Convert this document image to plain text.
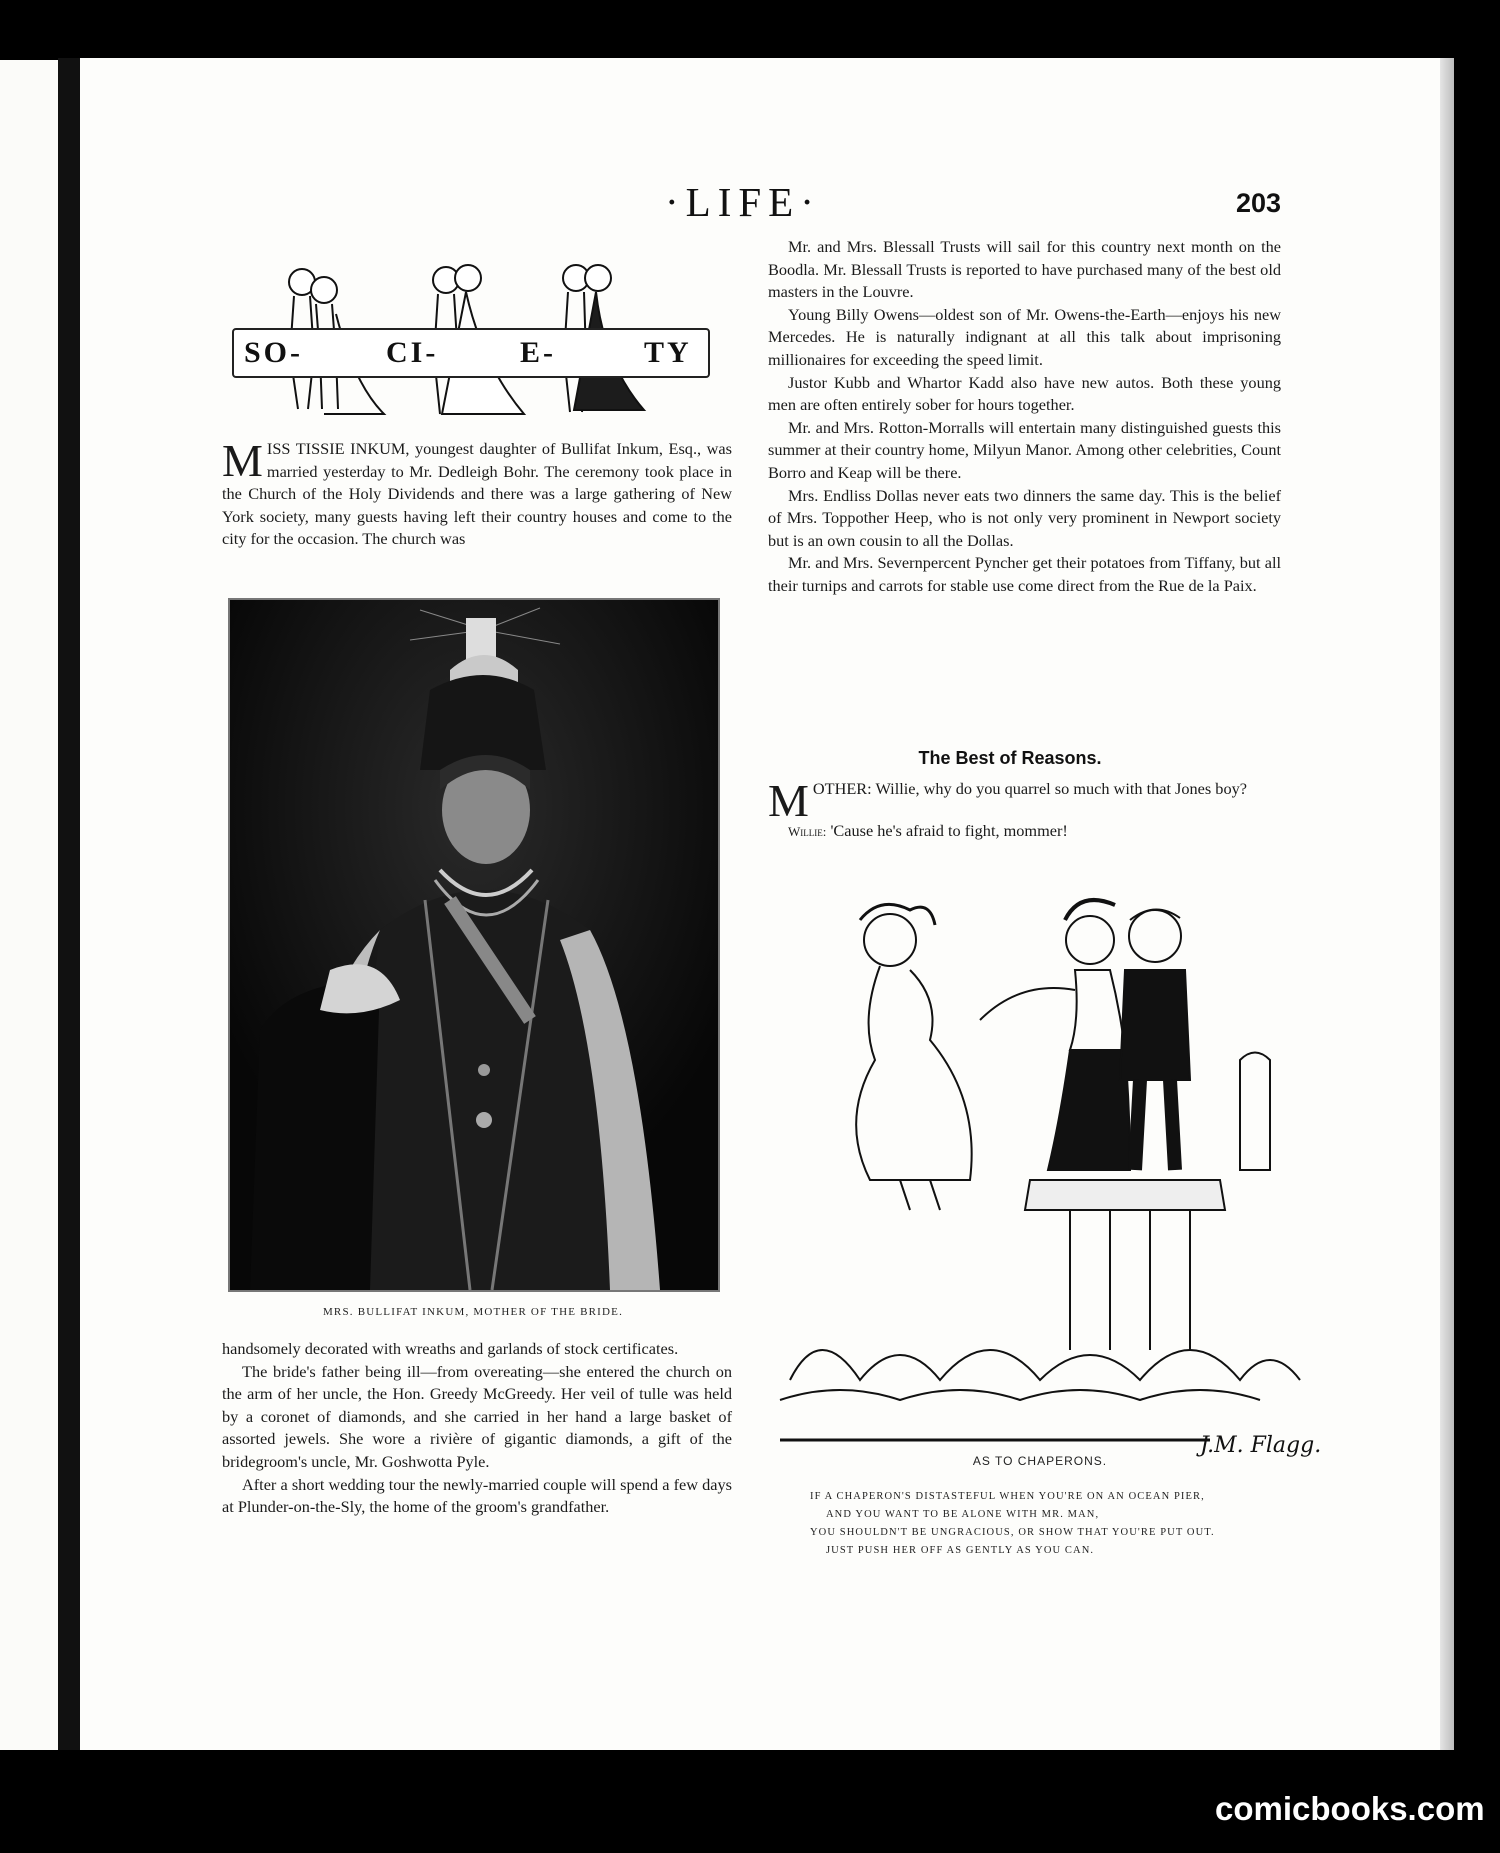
·LIFE·	203
SO-	CI-	E-	TY

MISS TISSIE INKUM, youngest daughter of Bullifat Inkum, Esq., was married yesterday to Mr. Dedleigh Bohr. The ceremony took place in the Church of the Holy Dividends and there was a large gathering of New York society, many guests having left their country houses and come to the city for the occasion. The church was

MRS. BULLIFAT INKUM, MOTHER OF THE BRIDE.

handsomely decorated with wreaths and garlands of stock certificates.

The bride's father being ill—from overeating—she entered the church on the arm of her uncle, the Hon. Greedy McGreedy. Her veil of tulle was held by a coronet of diamonds, and she carried in her hand a large basket of assorted jewels. She wore a rivière of gigantic diamonds, a gift of the bridegroom's uncle, Mr. Goshwotta Pyle.

After a short wedding tour the newly-married couple will spend a few days at Plunder-on-the-Sly, the home of the groom's grandfather.

Mr. and Mrs. Blessall Trusts will sail for this country next month on the Boodla. Mr. Blessall Trusts is reported to have purchased many of the best old masters in the Louvre.

Young Billy Owens—oldest son of Mr. Owens-the-Earth—enjoys his new Mercedes. He is naturally indignant at all this talk about imprisoning millionaires for exceeding the speed limit.

Justor Kubb and Whartor Kadd also have new autos. Both these young men are often entirely sober for hours together.

Mr. and Mrs. Rotton-Morralls will entertain many distinguished guests this summer at their country home, Milyun Manor. Among other celebrities, Count Borro and Keap will be there.

Mrs. Endliss Dollas never eats two dinners the same day. This is the belief of Mrs. Toppother Heep, who is not only very prominent in Newport society but is an own cousin to all the Dollas.

Mr. and Mrs. Severnpercent Pyncher get their potatoes from Tiffany, but all their turnips and carrots for stable use come direct from the Rue de la Paix.

The Best of Reasons.

MOTHER: Willie, why do you quarrel so much with that Jones boy?

Willie: 'Cause he's afraid to fight, mommer!

J.M. Flagg.
AS TO CHAPERONS.
IF A CHAPERON'S DISTASTEFUL WHEN YOU'RE ON AN OCEAN PIER,
AND YOU WANT TO BE ALONE WITH MR. MAN,
YOU SHOULDN'T BE UNGRACIOUS, OR SHOW THAT YOU'RE PUT OUT.
JUST PUSH HER OFF AS GENTLY AS YOU CAN.
comicbooks.com
